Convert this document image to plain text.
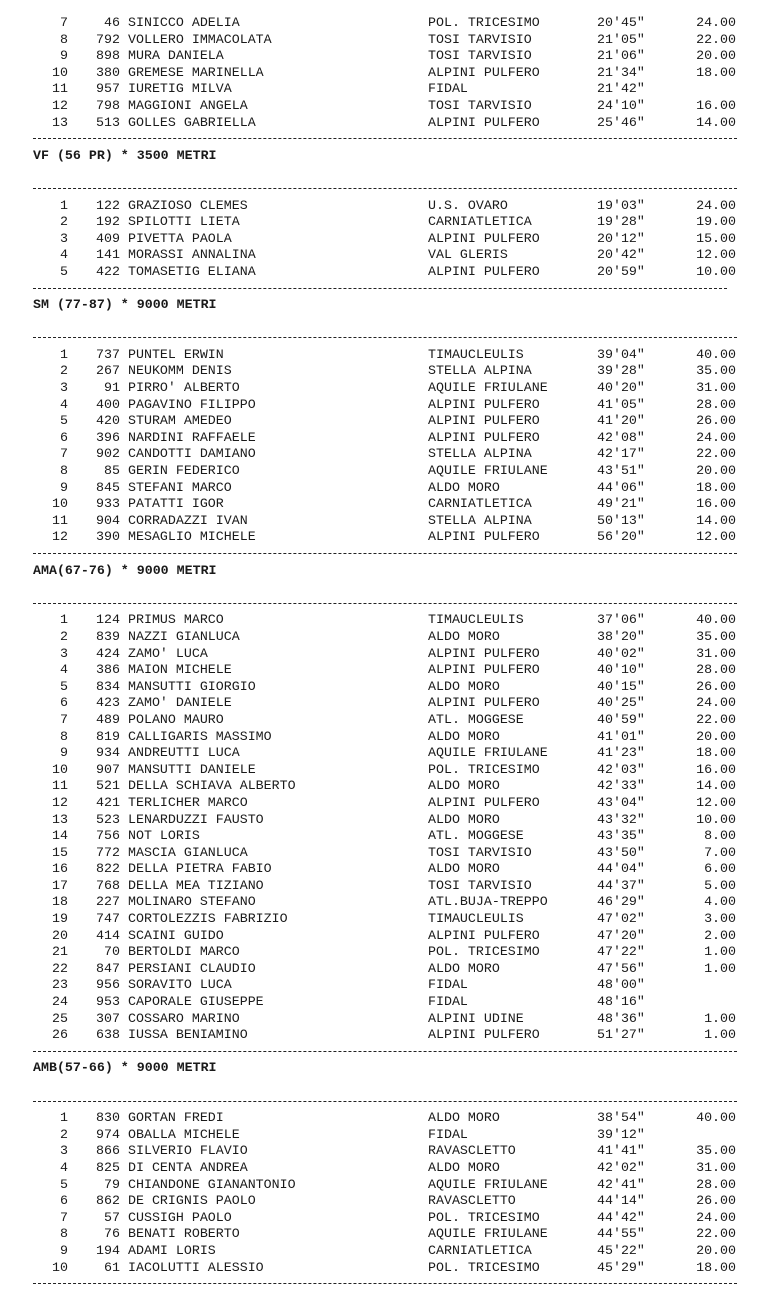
7	46 SINICCO ADELIA	POL. TRICESIMO	20'45"	24.00
8	792 VOLLERO IMMACOLATA	TOSI TARVISIO	21'05"	22.00
9	898 MURA DANIELA	TOSI TARVISIO	21'06"	20.00
10	380 GREMESE MARINELLA	ALPINI PULFERO	21'34"	18.00
11	957 IURETIG MILVA	FIDAL	21'42"
12	798 MAGGIONI ANGELA	TOSI TARVISIO	24'10"	16.00
13	513 GOLLES GABRIELLA	ALPINI PULFERO	25'46"	14.00
VF (56 PR) * 3500 METRI
1	122 GRAZIOSO CLEMES	U.S. OVARO	19'03"	24.00
2	192 SPILOTTI LIETA	CARNIATLETICA	19'28"	19.00
3	409 PIVETTA PAOLA	ALPINI PULFERO	20'12"	15.00
4	141 MORASSI ANNALINA	VAL GLERIS	20'42"	12.00
5	422 TOMASETIG ELIANA	ALPINI PULFERO	20'59"	10.00
SM (77-87) * 9000 METRI
1	737 PUNTEL ERWIN	TIMAUCLEULIS	39'04"	40.00
2	267 NEUKOMM DENIS	STELLA ALPINA	39'28"	35.00
3	91 PIRRO' ALBERTO	AQUILE FRIULANE	40'20"	31.00
4	400 PAGAVINO FILIPPO	ALPINI PULFERO	41'05"	28.00
5	420 STURAM AMEDEO	ALPINI PULFERO	41'20"	26.00
6	396 NARDINI RAFFAELE	ALPINI PULFERO	42'08"	24.00
7	902 CANDOTTI DAMIANO	STELLA ALPINA	42'17"	22.00
8	85 GERIN FEDERICO	AQUILE FRIULANE	43'51"	20.00
9	845 STEFANI MARCO	ALDO MORO	44'06"	18.00
10	933 PATATTI IGOR	CARNIATLETICA	49'21"	16.00
11	904 CORRADAZZI IVAN	STELLA ALPINA	50'13"	14.00
12	390 MESAGLIO MICHELE	ALPINI PULFERO	56'20"	12.00
AMA(67-76) * 9000 METRI
1	124 PRIMUS MARCO	TIMAUCLEULIS	37'06"	40.00
2	839 NAZZI GIANLUCA	ALDO MORO	38'20"	35.00
3	424 ZAMO' LUCA	ALPINI PULFERO	40'02"	31.00
4	386 MAION MICHELE	ALPINI PULFERO	40'10"	28.00
5	834 MANSUTTI GIORGIO	ALDO MORO	40'15"	26.00
6	423 ZAMO' DANIELE	ALPINI PULFERO	40'25"	24.00
7	489 POLANO MAURO	ATL. MOGGESE	40'59"	22.00
8	819 CALLIGARIS MASSIMO	ALDO MORO	41'01"	20.00
9	934 ANDREUTTI LUCA	AQUILE FRIULANE	41'23"	18.00
10	907 MANSUTTI DANIELE	POL. TRICESIMO	42'03"	16.00
11	521 DELLA SCHIAVA ALBERTO	ALDO MORO	42'33"	14.00
12	421 TERLICHER MARCO	ALPINI PULFERO	43'04"	12.00
13	523 LENARDUZZI FAUSTO	ALDO MORO	43'32"	10.00
14	756 NOT LORIS	ATL. MOGGESE	43'35"	8.00
15	772 MASCIA GIANLUCA	TOSI TARVISIO	43'50"	7.00
16	822 DELLA PIETRA FABIO	ALDO MORO	44'04"	6.00
17	768 DELLA MEA TIZIANO	TOSI TARVISIO	44'37"	5.00
18	227 MOLINARO STEFANO	ATL.BUJA-TREPPO	46'29"	4.00
19	747 CORTOLEZZIS FABRIZIO	TIMAUCLEULIS	47'02"	3.00
20	414 SCAINI GUIDO	ALPINI PULFERO	47'20"	2.00
21	70 BERTOLDI MARCO	POL. TRICESIMO	47'22"	1.00
22	847 PERSIANI CLAUDIO	ALDO MORO	47'56"	1.00
23	956 SORAVITO LUCA	FIDAL	48'00"
24	953 CAPORALE GIUSEPPE	FIDAL	48'16"
25	307 COSSARO MARINO	ALPINI UDINE	48'36"	1.00
26	638 IUSSA BENIAMINO	ALPINI PULFERO	51'27"	1.00
AMB(57-66) * 9000 METRI
1	830 GORTAN FREDI	ALDO MORO	38'54"	40.00
2	974 OBALLA MICHELE	FIDAL	39'12"
3	866 SILVERIO FLAVIO	RAVASCLETTO	41'41"	35.00
4	825 DI CENTA ANDREA	ALDO MORO	42'02"	31.00
5	79 CHIANDONE GIANANTONIO	AQUILE FRIULANE	42'41"	28.00
6	862 DE CRIGNIS PAOLO	RAVASCLETTO	44'14"	26.00
7	57 CUSSIGH PAOLO	POL. TRICESIMO	44'42"	24.00
8	76 BENATI ROBERTO	AQUILE FRIULANE	44'55"	22.00
9	194 ADAMI LORIS	CARNIATLETICA	45'22"	20.00
10	61 IACOLUTTI ALESSIO	POL. TRICESIMO	45'29"	18.00
